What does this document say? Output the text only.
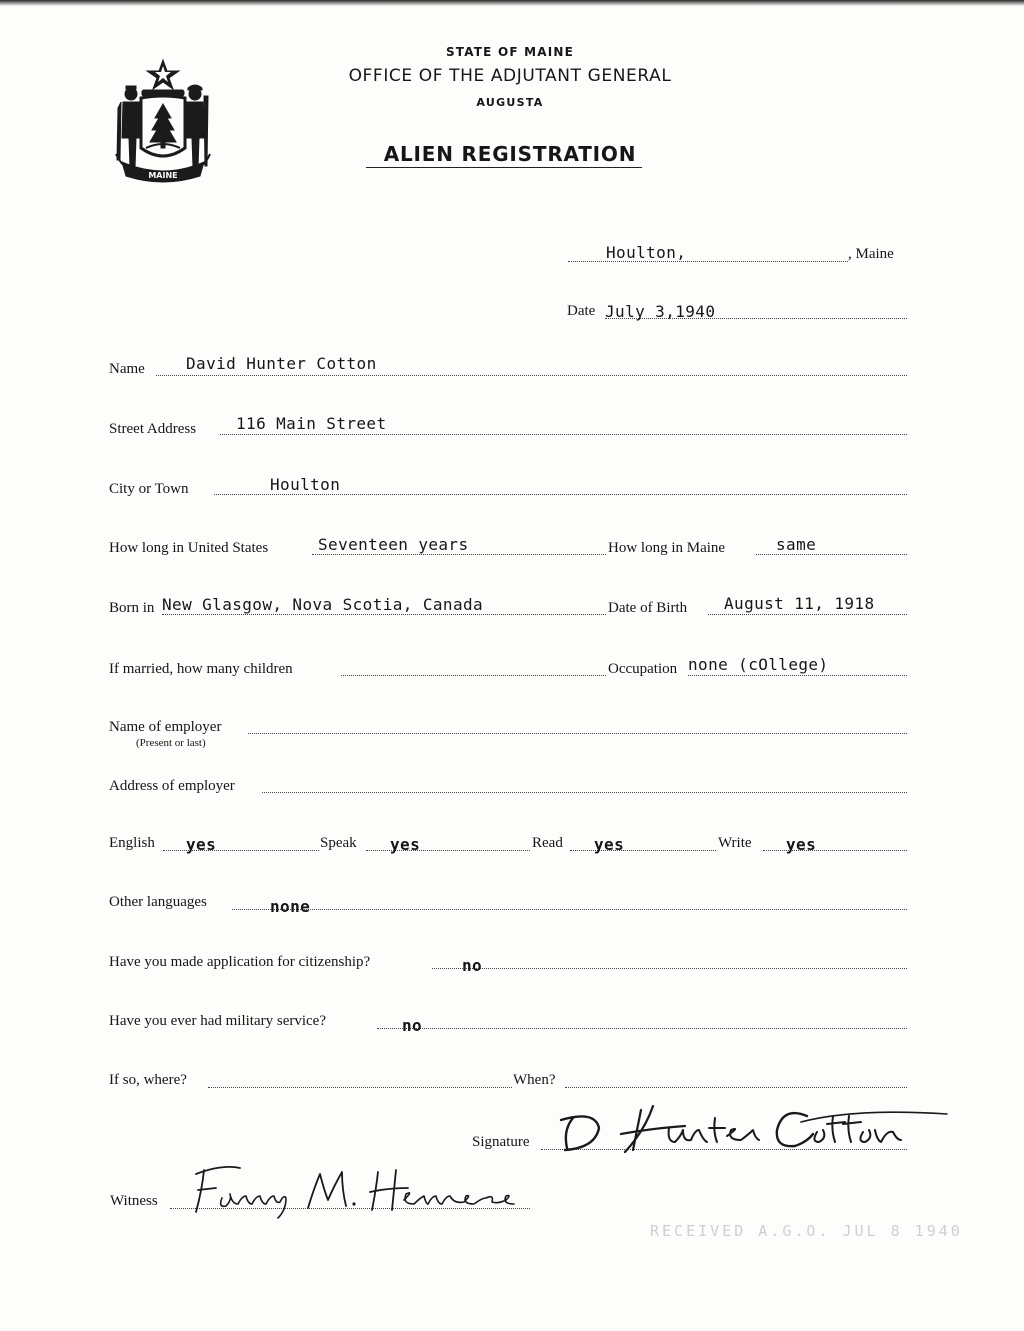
MAINE
STATE OF MAINE
OFFICE OF THE ADJUTANT GENERAL
AUGUSTA
ALIEN REGISTRATION
Houlton,	, Maine
Date July 3,1940
Name	David Hunter Cotton
Street Address 116 Main Street
City or Town	Houlton
How long in United States	Seventeen years	How long in Maine	same
Born in New Glasgow, Nova Scotia, Canada	Date of Birth August 11, 1918
If married, how many children	Occupation none (cOllege)
Name of employer
(Present or last)
Address of employer
English yes	Speak yes	Read yes	Write yes
Other languages	none
Have you made application for citizenship?	no
Have you ever had military service?	no
If so, where?	When?
Signature
Witness
RECEIVED A.G.O. JUL 8 1940
